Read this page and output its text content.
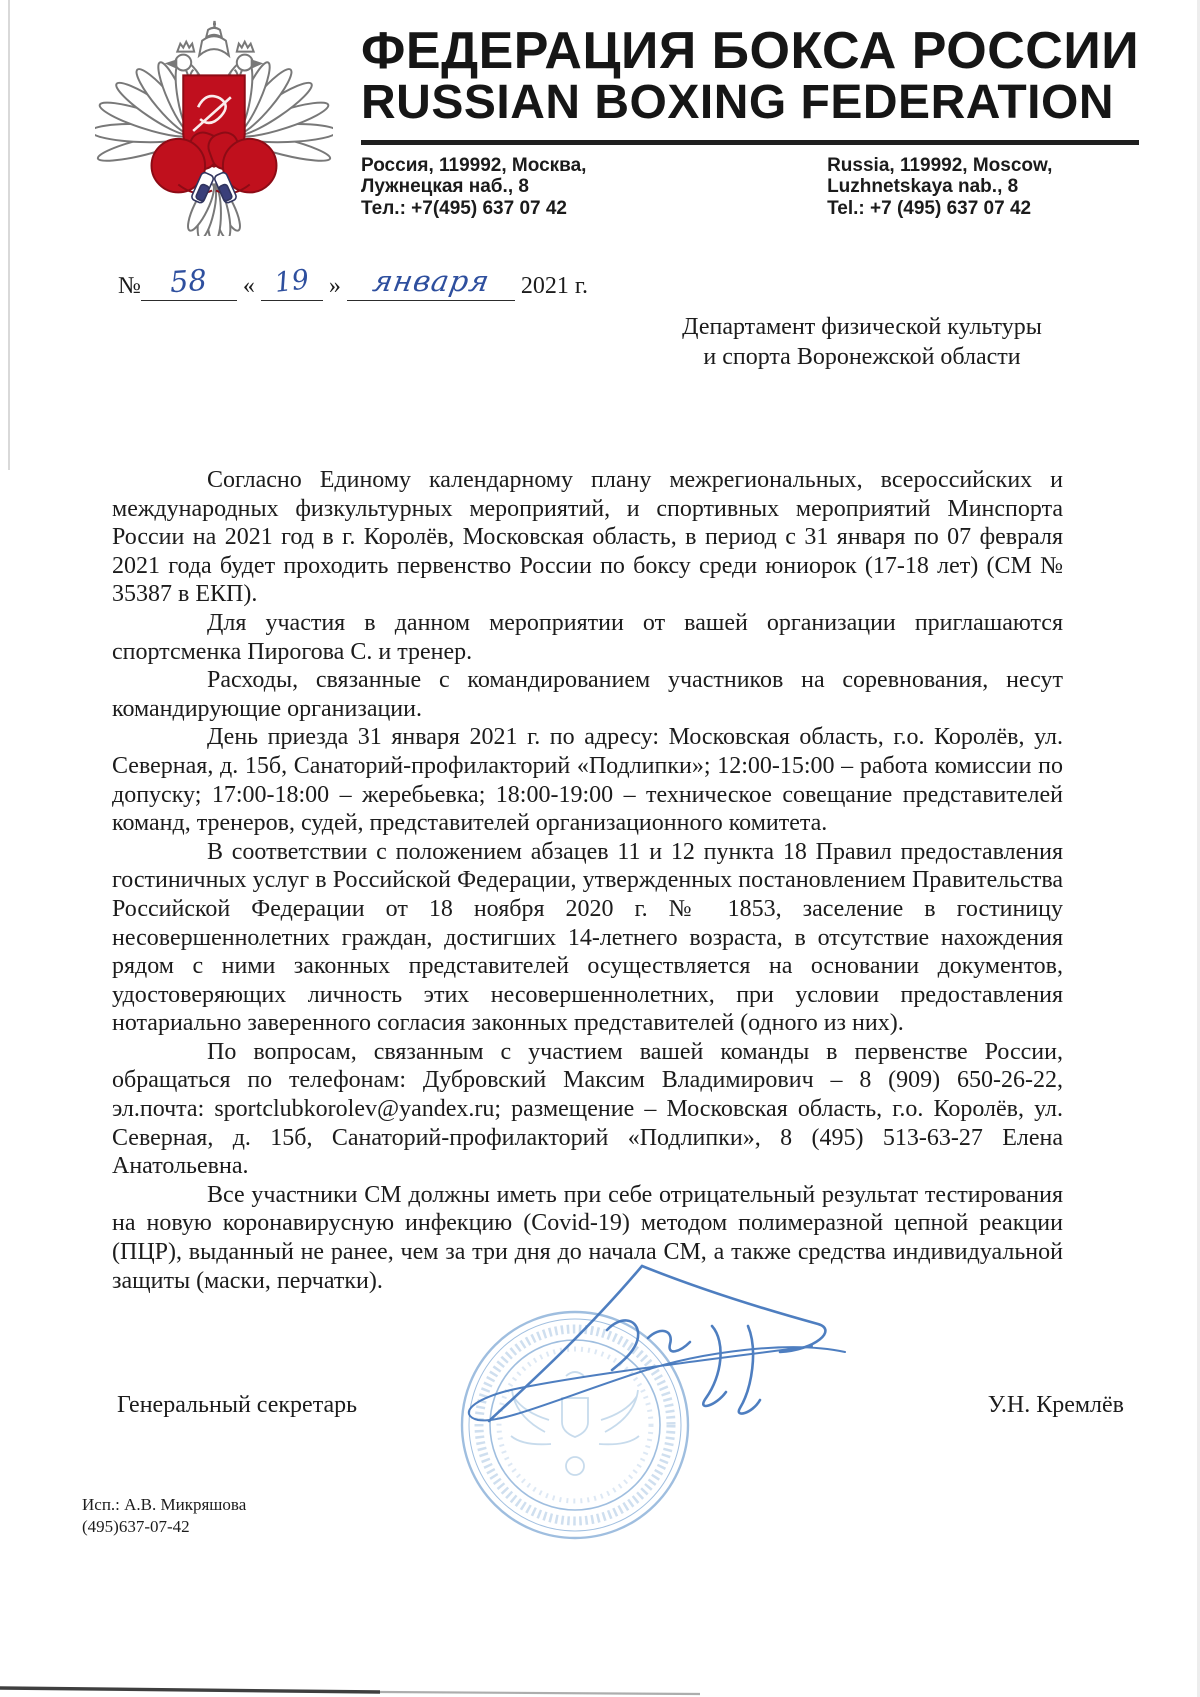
ФЕДЕРАЦИЯ БОКСА РОССИИ
RUSSIAN BOXING FEDERATION
Россия, 119992, Москва,
Лужнецкая наб., 8
Тел.: +7(495) 637 07 42
Russia, 119992, Moscow,
Luzhnetskaya nab., 8
Tel.: +7 (495) 637 07 42
№ 58 « 19 » января 2021 г.
Департамент физической культуры
и спорта Воронежской области

Согласно Единому календарному плану межрегиональных, всероссийских и международных физкультурных мероприятий, и спортивных мероприятий Минспорта России на 2021 год в г. Королёв, Московская область, в период с 31 января по 07 февраля 2021 года будет проходить первенство России по боксу среди юниорок (17-18 лет) (СМ № 35387 в ЕКП).

Для участия в данном мероприятии от вашей организации приглашаются спортсменка Пирогова С. и тренер.

Расходы, связанные с командированием участников на соревнования, несут командирующие организации.

День приезда 31 января 2021 г. по адресу: Московская область, г.о. Королёв, ул. Северная, д. 15б, Санаторий-профилакторий «Подлипки»; 12:00-15:00 – работа комиссии по допуску; 17:00-18:00 – жеребьевка; 18:00-19:00 – техническое совещание представителей команд, тренеров, судей, представителей организационного комитета.

В соответствии с положением абзацев 11 и 12 пункта 18 Правил предоставления гостиничных услуг в Российской Федерации, утвержденных постановлением Правительства Российской Федерации от 18 ноября 2020 г. № 1853, заселение в гостиницу несовершеннолетних граждан, достигших 14-летнего возраста, в отсутствие нахождения рядом с ними законных представителей осуществляется на основании документов, удостоверяющих личность этих несовершеннолетних, при условии предоставления нотариально заверенного согласия законных представителей (одного из них).

По вопросам, связанным с участием вашей команды в первенстве России, обращаться по телефонам: Дубровский Максим Владимирович – 8 (909) 650-26-22, эл.почта: sportclubkorolev@yandex.ru; размещение – Московская область, г.о. Королёв, ул. Северная, д. 15б, Санаторий-профилакторий «Подлипки», 8 (495) 513-63-27 Елена Анатольевна.

Все участники СМ должны иметь при себе отрицательный результат тестирования на новую коронавирусную инфекцию (Covid-19) методом полимеразной цепной реакции (ПЦР), выданный не ранее, чем за три дня до начала СМ, а также средства индивидуальной защиты (маски, перчатки).

Генеральный секретарь	У.Н. Кремлёв
Исп.: А.В. Микряшова
(495)637-07-42
